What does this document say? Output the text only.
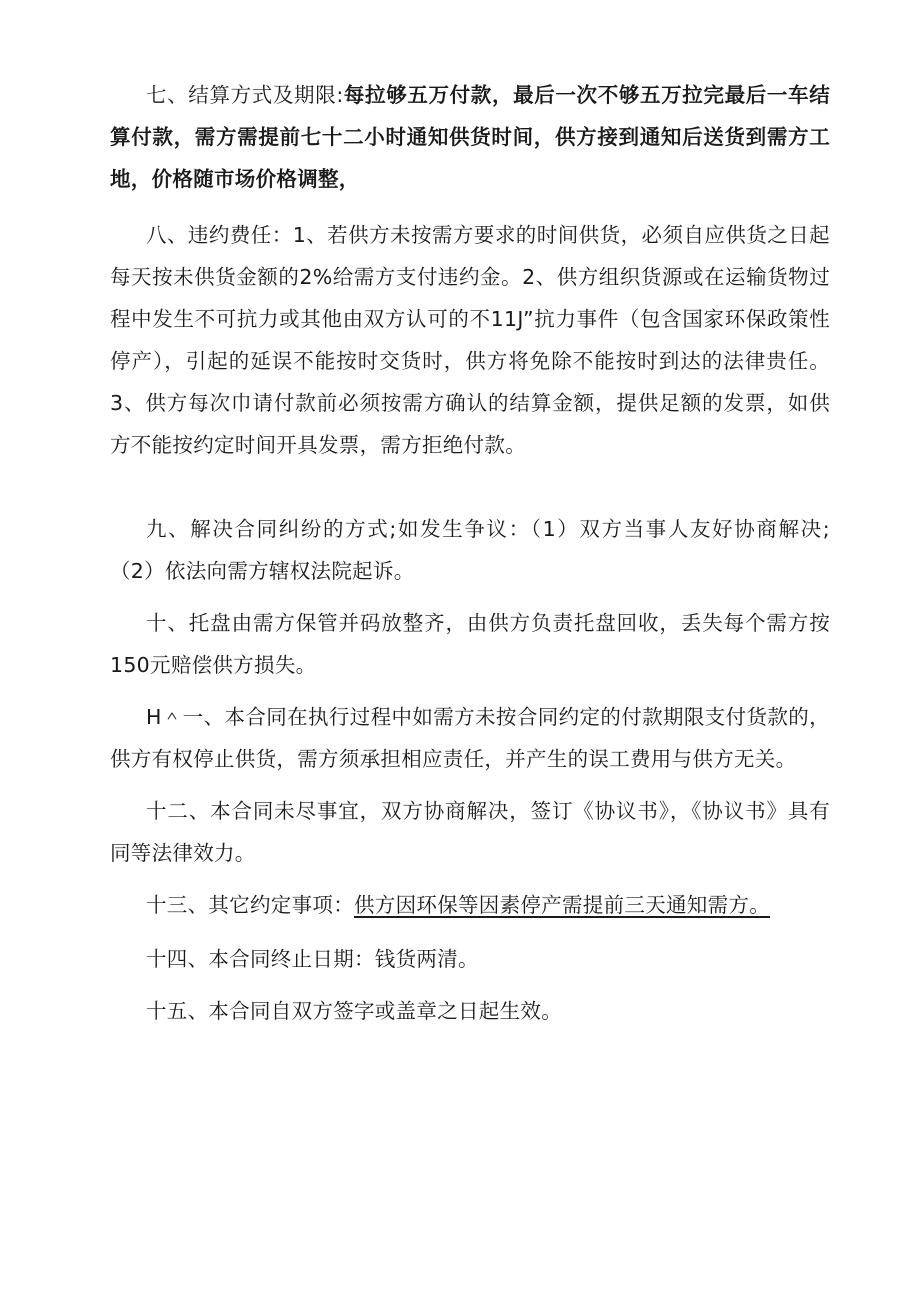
七、结算方式及期限:每拉够五万付款，最后一次不够五万拉完最后一车结算付款，需方需提前七十二小时通知供货时间，供方接到通知后送货到需方工地，价格随市场价格调整，

八、违约费任：1、若供方未按需方要求的时间供货，必须自应供货之日起每天按未供货金额的2%给需方支付违约金。2、供方组织货源或在运输货物过程中发生不可抗力或其他由双方认可的不11J”抗力事件（包含国家环保政策性停产），引起的延误不能按时交货时，供方将免除不能按时到达的法律贵任。3、供方每次巾请付款前必须按需方确认的结算金额，提供足额的发票，如供方不能按约定时间开具发票，需方拒绝付款。

九、解决合同纠纷的方式;如发生争议：（1）双方当事人友好协商解决;（2）依法向需方辖权法院起诉。

十、托盘由需方保管并码放整齐，由供方负责托盘回收，丢失每个需方按150元赔偿供方损失。

H＾一、本合同在执行过程中如需方未按合同约定的付款期限支付货款的，供方有权停止供货，需方须承担相应责任，并产生的误工费用与供方无关。

十二、本合同未尽事宜，双方协商解决，签订《协议书》，《协议书》具有同等法律效力。

十三、其它约定事项：供方因环保等因素停产需提前三天通知需方。

十四、本合同终止日期：钱货两清。

十五、本合同自双方签字或盖章之日起生效。
